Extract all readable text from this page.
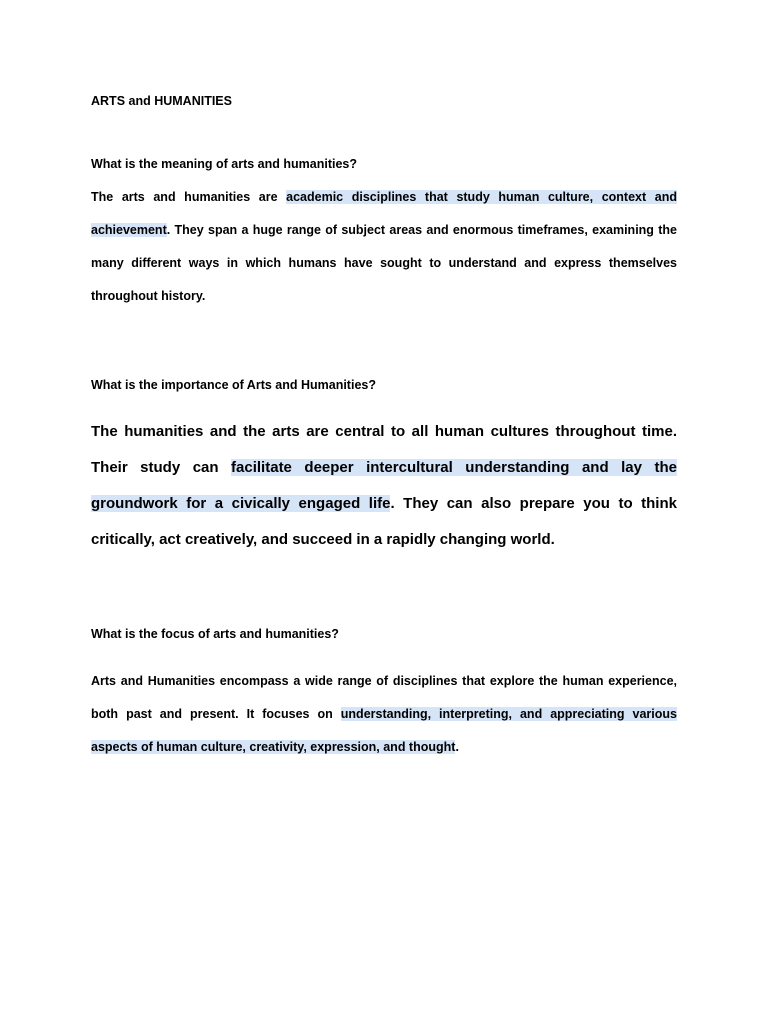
ARTS and HUMANITIES
What is the meaning of arts and humanities?
The arts and humanities are academic disciplines that study human culture, context and achievement. They span a huge range of subject areas and enormous timeframes, examining the many different ways in which humans have sought to understand and express themselves throughout history.
What is the importance of Arts and Humanities?
The humanities and the arts are central to all human cultures throughout time. Their study can facilitate deeper intercultural understanding and lay the groundwork for a civically engaged life. They can also prepare you to think critically, act creatively, and succeed in a rapidly changing world.
What is the focus of arts and humanities?
Arts and Humanities encompass a wide range of disciplines that explore the human experience, both past and present. It focuses on understanding, interpreting, and appreciating various aspects of human culture, creativity, expression, and thought.
